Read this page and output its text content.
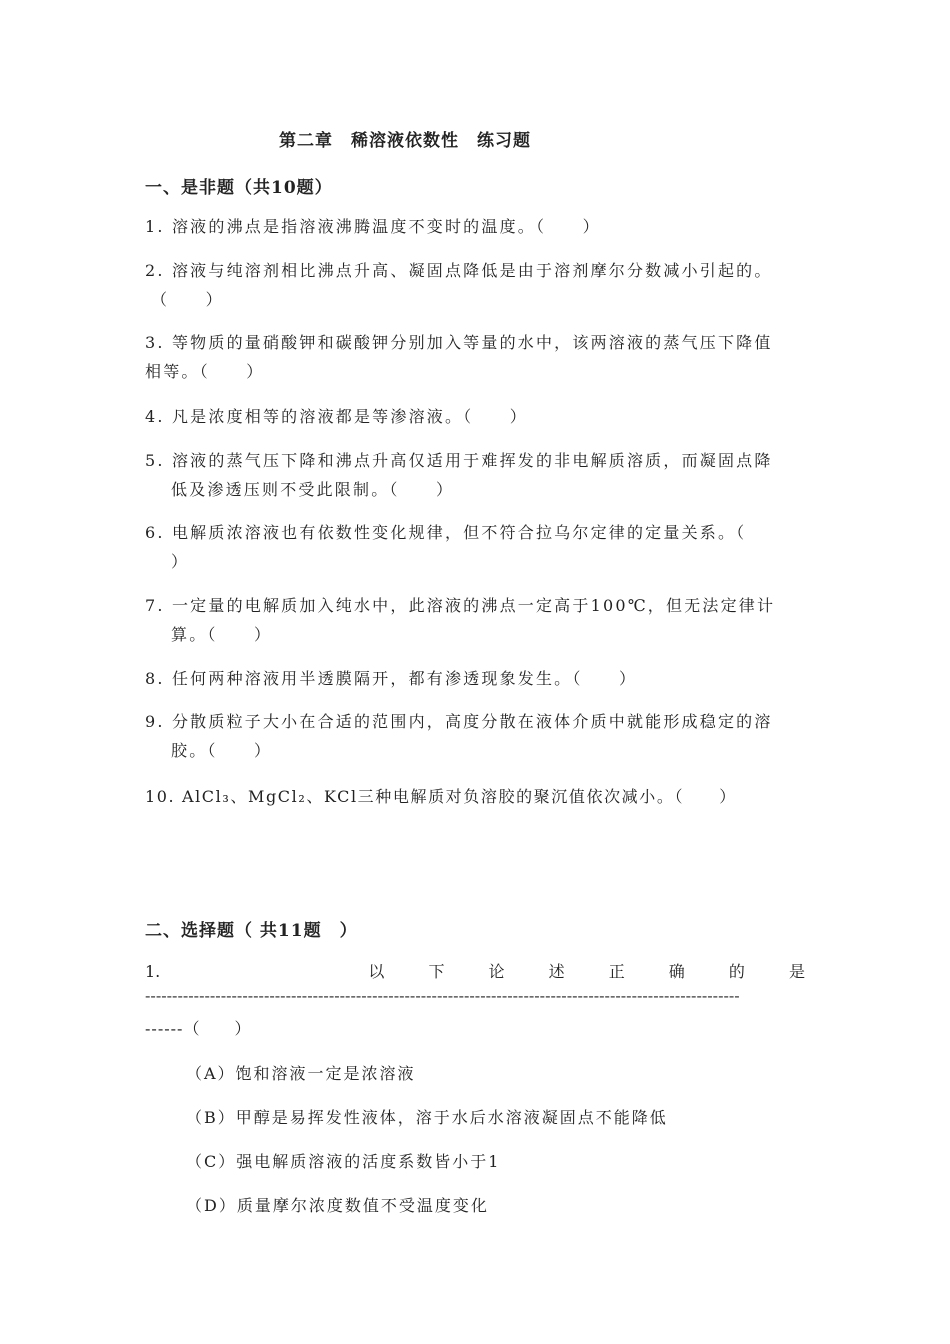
第二章　稀溶液依数性　练习题
一、是非题（共10题）
1. 溶液的沸点是指溶液沸腾温度不变时的温度。（　　）
2. 溶液与纯溶剂相比沸点升高、凝固点降低是由于溶剂摩尔分数减小引起的。
（　　）
3. 等物质的量硝酸钾和碳酸钾分别加入等量的水中，该两溶液的蒸气压下降值
相等。（　　）
4. 凡是浓度相等的溶液都是等渗溶液。（　　）
5. 溶液的蒸气压下降和沸点升高仅适用于难挥发的非电解质溶质，而凝固点降
低及渗透压则不受此限制。（　　）
6. 电解质浓溶液也有依数性变化规律，但不符合拉乌尔定律的定量关系。（
）
7. 一定量的电解质加入纯水中，此溶液的沸点一定高于100℃，但无法定律计
算。（　　）
8. 任何两种溶液用半透膜隔开，都有渗透现象发生。（　　）
9. 分散质粒子大小在合适的范围内，高度分散在液体介质中就能形成稳定的溶
胶。（　　）
10. AlCl₃、MgCl₂、KCl三种电解质对负溶胶的聚沉值依次减小。（　　）
二、选择题（ 共11题　）
1.	以	下	论	述	正	确	的	是
--------------------------------------------------------------------------------------------------------------
------（　　）
（A）饱和溶液一定是浓溶液
（B）甲醇是易挥发性液体，溶于水后水溶液凝固点不能降低
（C）强电解质溶液的活度系数皆小于1
（D）质量摩尔浓度数值不受温度变化
